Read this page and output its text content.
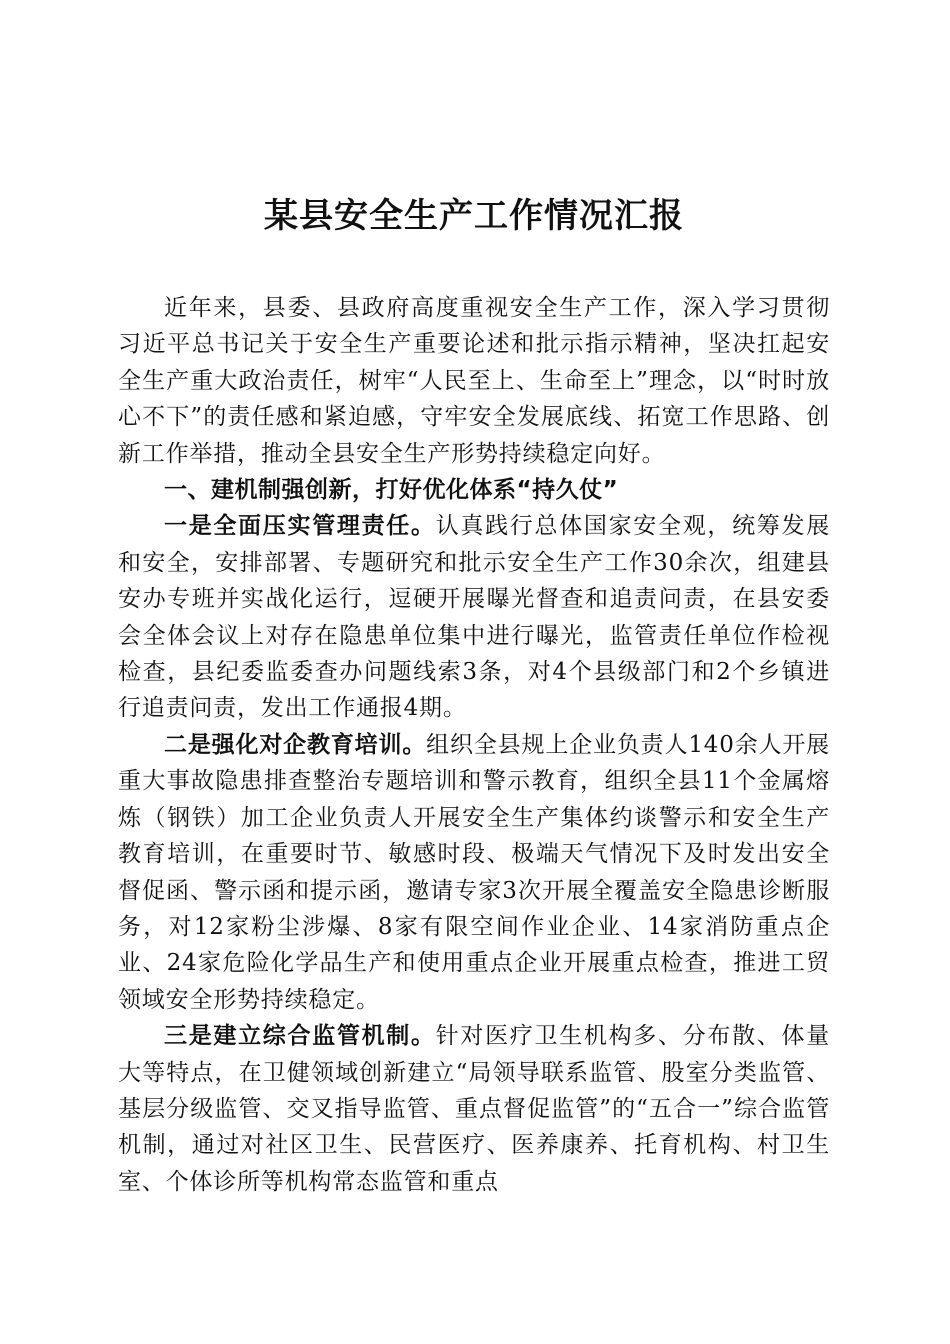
某县安全生产工作情况汇报

近年来，县委、县政府高度重视安全生产工作，深入学习贯彻习近平总书记关于安全生产重要论述和批示指示精神，坚决扛起安全生产重大政治责任，树牢“人民至上、生命至上”理念，以“时时放心不下”的责任感和紧迫感，守牢安全发展底线、拓宽工作思路、创新工作举措，推动全县安全生产形势持续稳定向好。

一、建机制强创新，打好优化体系“持久仗”

一是全面压实管理责任。认真践行总体国家安全观，统筹发展和安全，安排部署、专题研究和批示安全生产工作30余次，组建县安办专班并实战化运行，逗硬开展曝光督查和追责问责，在县安委会全体会议上对存在隐患单位集中进行曝光，监管责任单位作检视检查，县纪委监委查办问题线索3条，对4个县级部门和2个乡镇进行追责问责，发出工作通报4期。

二是强化对企教育培训。组织全县规上企业负责人140余人开展重大事故隐患排查整治专题培训和警示教育，组织全县11个金属熔炼（钢铁）加工企业负责人开展安全生产集体约谈警示和安全生产教育培训，在重要时节、敏感时段、极端天气情况下及时发出安全督促函、警示函和提示函，邀请专家3次开展全覆盖安全隐患诊断服务，对12家粉尘涉爆、8家有限空间作业企业、14家消防重点企业、24家危险化学品生产和使用重点企业开展重点检查，推进工贸领域安全形势持续稳定。

三是建立综合监管机制。针对医疗卫生机构多、分布散、体量大等特点，在卫健领域创新建立“局领导联系监管、股室分类监管、基层分级监管、交叉指导监管、重点督促监管”的“五合一”综合监管机制，通过对社区卫生、民营医疗、医养康养、托育机构、村卫生室、个体诊所等机构常态监管和重点
